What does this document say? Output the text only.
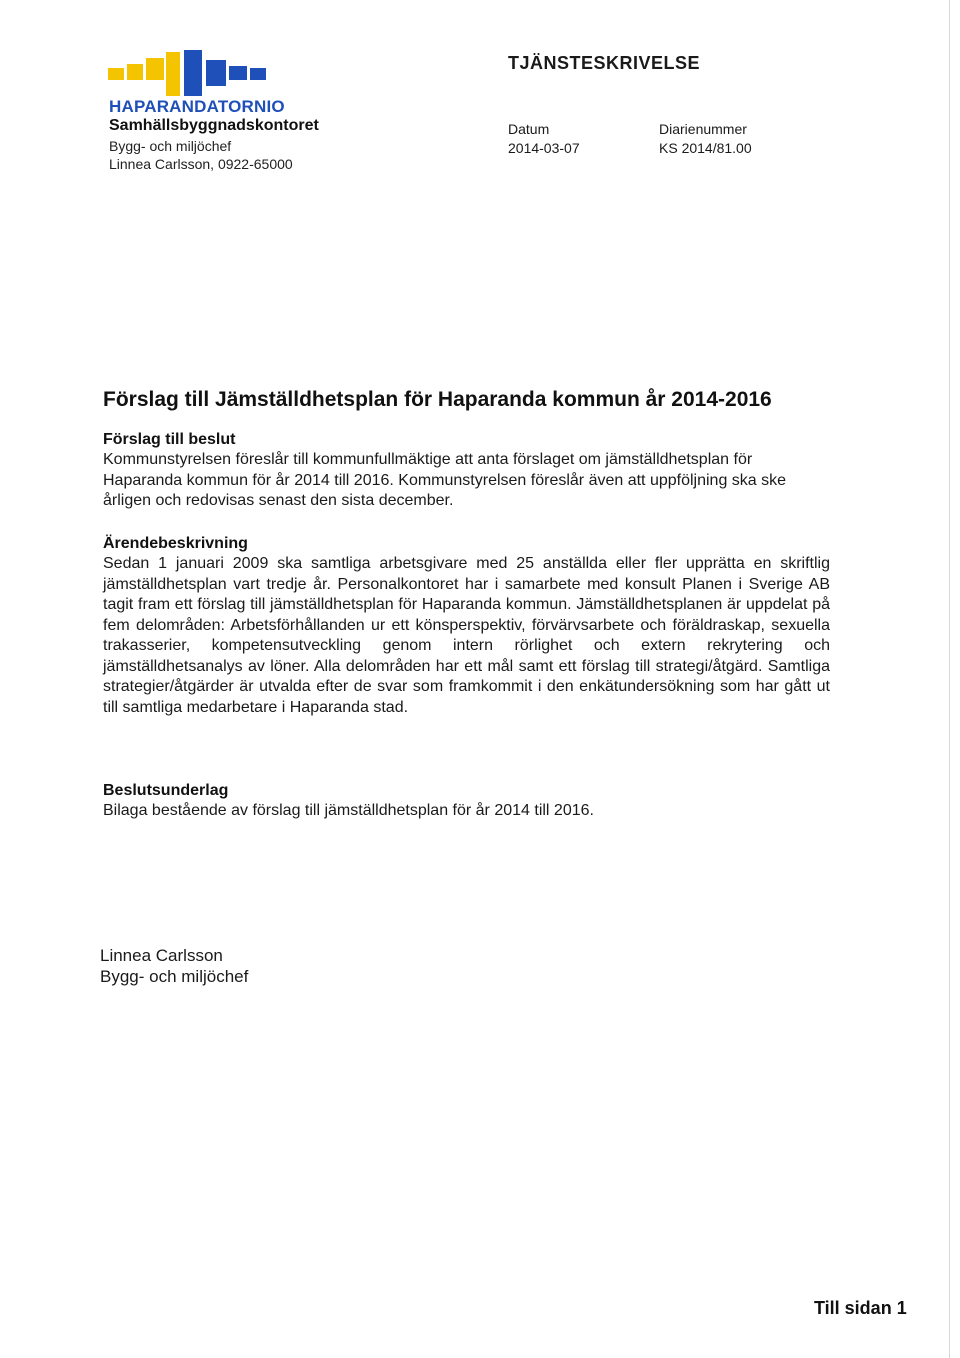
HAPARANDATORNIO
Samhällsbyggnadskontoret
Bygg- och miljöchef
Linnea Carlsson, 0922-65000
TJÄNSTESKRIVELSE
Datum
2014-03-07
Diarienummer
KS 2014/81.00
Förslag till Jämställdhetsplan för Haparanda kommun år 2014-2016
Förslag till beslut

Kommunstyrelsen föreslår till kommunfullmäktige att anta förslaget om jämställdhetsplan för Haparanda kommun för år 2014 till 2016. Kommunstyrelsen föreslår även att uppföljning ska ske årligen och redovisas senast den sista december.

Ärendebeskrivning

Sedan 1 januari 2009 ska samtliga arbetsgivare med 25 anställda eller fler upprätta en skriftlig jämställdhetsplan vart tredje år. Personalkontoret har i samarbete med konsult Planen i Sverige AB tagit fram ett förslag till jämställdhetsplan för Haparanda kommun. Jämställdhetsplanen är uppdelat på fem delområden: Arbetsförhållanden ur ett könsperspektiv, förvärvsarbete och föräldraskap, sexuella trakasserier, kompetensutveckling genom intern rörlighet och extern rekrytering och jämställdhetsanalys av löner. Alla delområden har ett mål samt ett förslag till strategi/åtgärd. Samtliga strategier/åtgärder är utvalda efter de svar som framkommit i den enkätundersökning som har gått ut till samtliga medarbetare i Haparanda stad.

Beslutsunderlag

Bilaga bestående av förslag till jämställdhetsplan för år 2014 till 2016.

Linnea Carlsson
Bygg- och miljöchef
Till sidan 1
